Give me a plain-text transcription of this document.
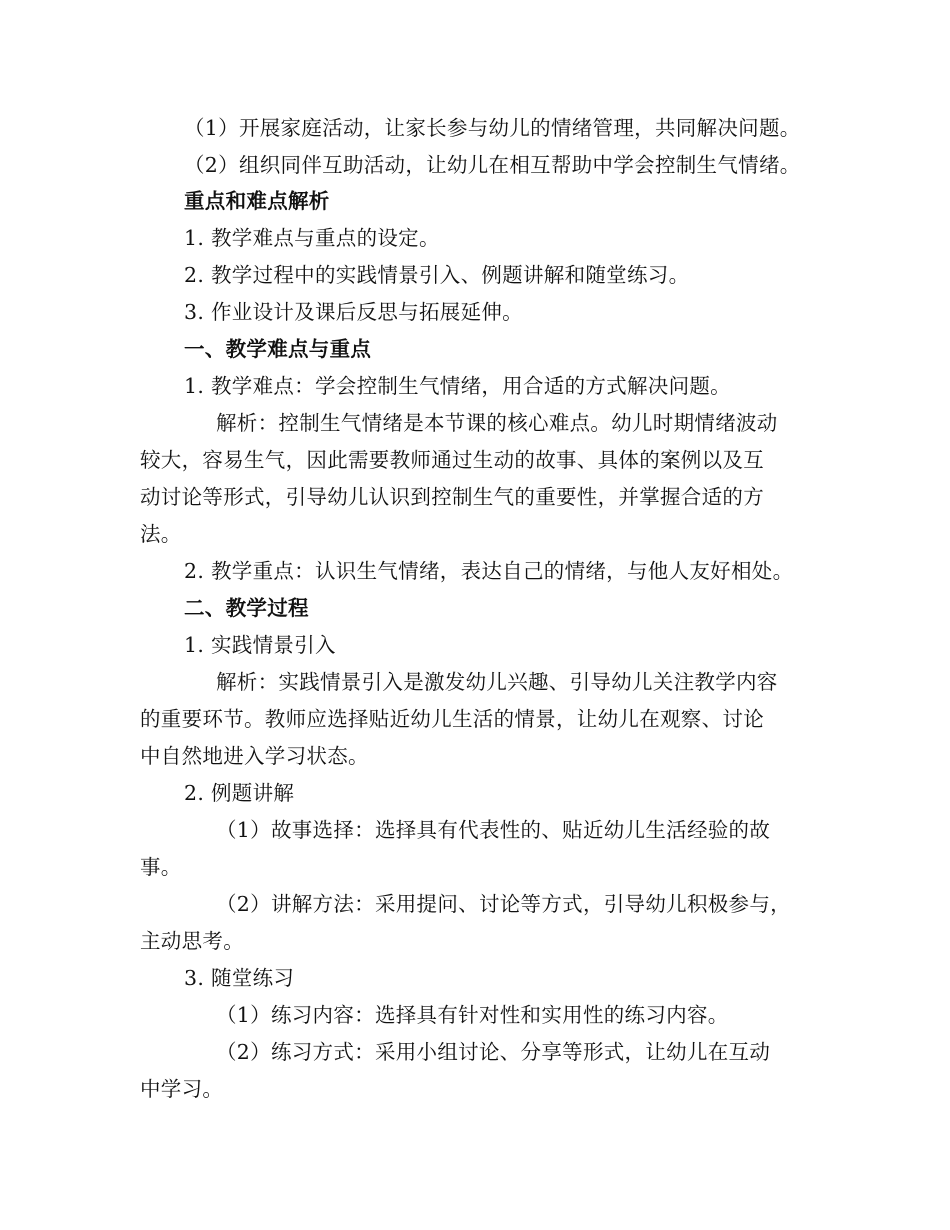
（1）开展家庭活动，让家长参与幼儿的情绪管理，共同解决问题。
（2）组织同伴互助活动，让幼儿在相互帮助中学会控制生气情绪。
重点和难点解析
1. 教学难点与重点的设定。
2. 教学过程中的实践情景引入、例题讲解和随堂练习。
3. 作业设计及课后反思与拓展延伸。
一、教学难点与重点
1. 教学难点：学会控制生气情绪，用合适的方式解决问题。
解析：控制生气情绪是本节课的核心难点。幼儿时期情绪波动
较大，容易生气，因此需要教师通过生动的故事、具体的案例以及互
动讨论等形式，引导幼儿认识到控制生气的重要性，并掌握合适的方
法。
2. 教学重点：认识生气情绪，表达自己的情绪，与他人友好相处。
二、教学过程
1. 实践情景引入
解析：实践情景引入是激发幼儿兴趣、引导幼儿关注教学内容
的重要环节。教师应选择贴近幼儿生活的情景，让幼儿在观察、讨论
中自然地进入学习状态。
2. 例题讲解
（1）故事选择：选择具有代表性的、贴近幼儿生活经验的故
事。
（2）讲解方法：采用提问、讨论等方式，引导幼儿积极参与，
主动思考。
3. 随堂练习
（1）练习内容：选择具有针对性和实用性的练习内容。
（2）练习方式：采用小组讨论、分享等形式，让幼儿在互动
中学习。
